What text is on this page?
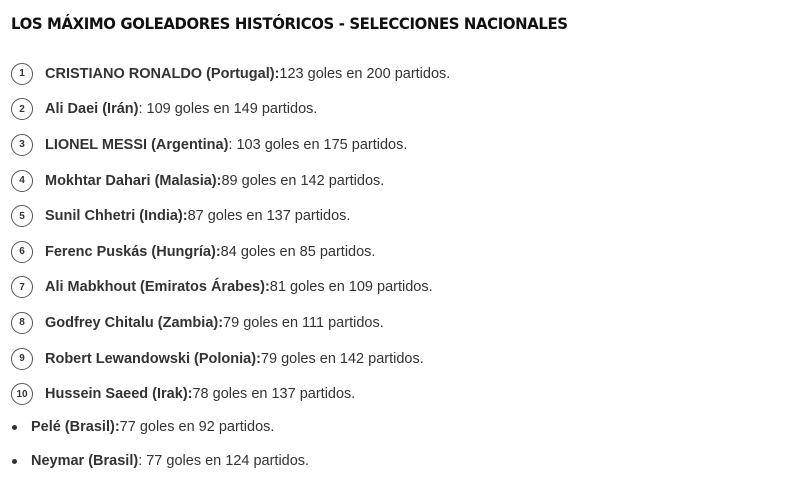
LOS MÁXIMO GOLEADORES HISTÓRICOS - SELECCIONES NACIONALES
1	CRISTIANO RONALDO (Portugal): 123 goles en 200 partidos.
2	Ali Daei (Irán) : 109 goles en 149 partidos.
3	LIONEL MESSI (Argentina) : 103 goles en 175 partidos.
4	Mokhtar Dahari (Malasia): 89 goles en 142 partidos.
5	Sunil Chhetri (India): 87 goles en 137 partidos.
6	Ferenc Puskás (Hungría): 84 goles en 85 partidos.
7	Ali Mabkhout (Emiratos Árabes): 81 goles en 109 partidos.
8	Godfrey Chitalu (Zambia): 79 goles en 111 partidos.
9	Robert Lewandowski (Polonia): 79 goles en 142 partidos.
10	Hussein Saeed (Irak): 78 goles en 137 partidos.
Pelé (Brasil): 77 goles en 92 partidos.
Neymar (Brasil) : 77 goles en 124 partidos.
